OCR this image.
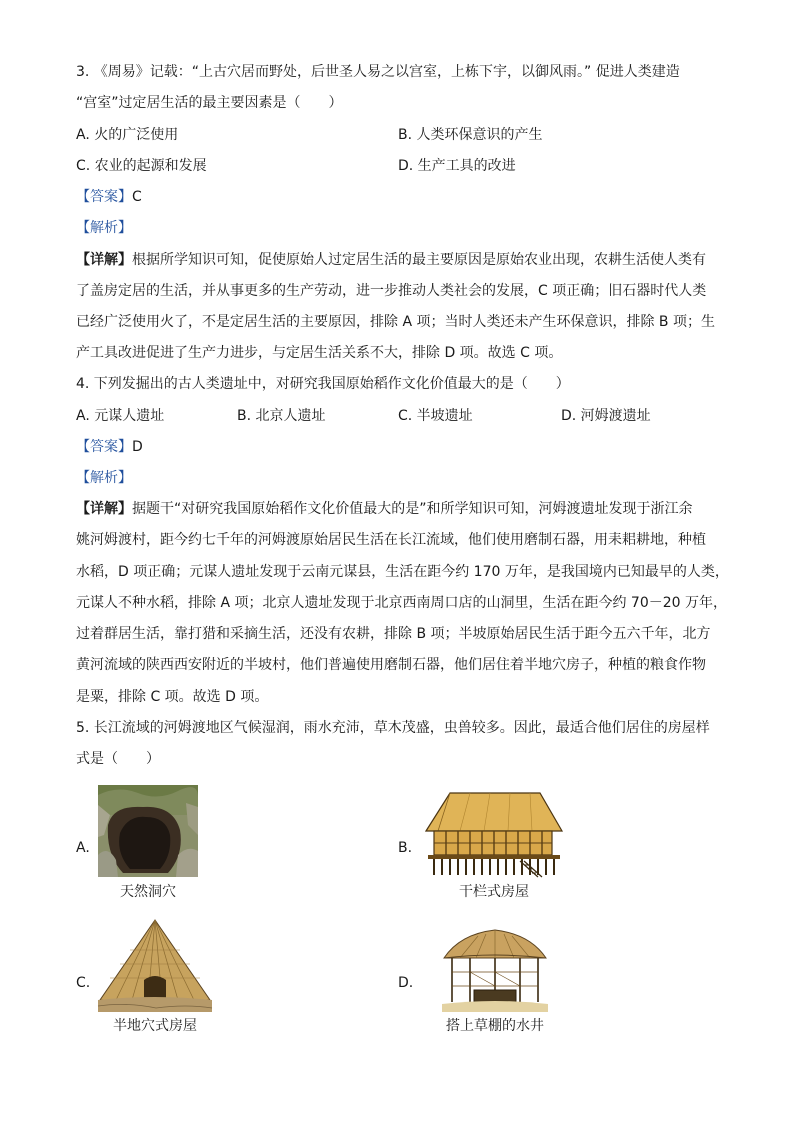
3. 《周易》记载：“上古穴居而野处，后世圣人易之以宫室，上栋下宇，以御风雨。” 促进人类建造
“宫室”过定居生活的最主要因素是（　　）
A. 火的广泛使用	B. 人类环保意识的产生
C. 农业的起源和发展	D. 生产工具的改进
【答案】C
【解析】
【详解】根据所学知识可知，促使原始人过定居生活的最主要原因是原始农业出现，农耕生活使人类有
了盖房定居的生活，并从事更多的生产劳动，进一步推动人类社会的发展，C 项正确；旧石器时代人类
已经广泛使用火了，不是定居生活的主要原因，排除 A 项；当时人类还未产生环保意识，排除 B 项；生
产工具改进促进了生产力进步，与定居生活关系不大，排除 D 项。故选 C 项。
4. 下列发掘出的古人类遗址中，对研究我国原始稻作文化价值最大的是（　　）
A. 元谋人遗址	B. 北京人遗址	C. 半坡遗址	D. 河姆渡遗址
【答案】D
【解析】
【详解】据题干“对研究我国原始稻作文化价值最大的是”和所学知识可知，河姆渡遗址发现于浙江余
姚河姆渡村，距今约七千年的河姆渡原始居民生活在长江流域，他们使用磨制石器，用耒耜耕地，种植
水稻，D 项正确；元谋人遗址发现于云南元谋县，生活在距今约 170 万年，是我国境内已知最早的人类，
元谋人不种水稻，排除 A 项；北京人遗址发现于北京西南周口店的山洞里，生活在距今约 70－20 万年，
过着群居生活，靠打猎和采摘生活，还没有农耕，排除 B 项；半坡原始居民生活于距今五六千年，北方
黄河流域的陕西西安附近的半坡村，他们普遍使用磨制石器，他们居住着半地穴房子，种植的粮食作物
是粟，排除 C 项。故选 D 项。
5. 长江流域的河姆渡地区气候湿润，雨水充沛，草木茂盛，虫兽较多。因此，最适合他们居住的房屋样
式是（　　）
A.
天然洞穴
B.
干栏式房屋
C.
半地穴式房屋
D.
搭上草棚的水井
